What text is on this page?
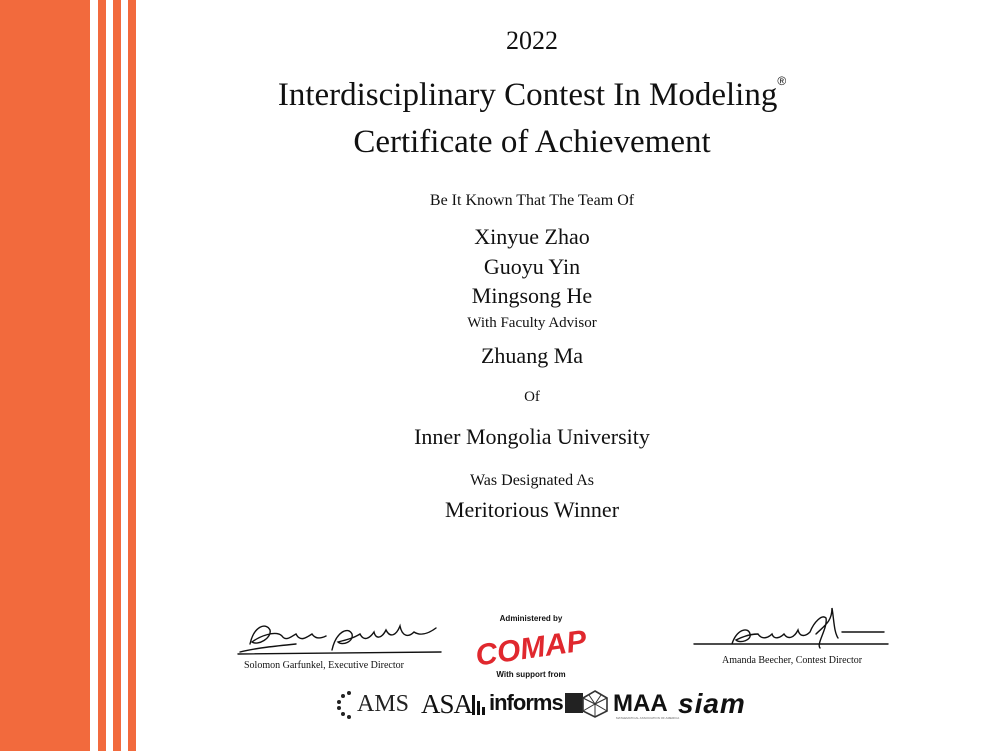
2022
Interdisciplinary Contest In Modeling®
Certificate of Achievement
Be It Known That The Team Of
Xinyue Zhao
Guoyu Yin
Mingsong He
With Faculty Advisor
Zhuang Ma
Of
Inner Mongolia University
Was Designated As
Meritorious Winner
Solomon Garfunkel, Executive Director
Administered by
COMAP
With support from
Amanda Beecher, Contest Director
AMS ASA informs MAA
MATHEMATICAL ASSOCIATION OF AMERICA
siam
